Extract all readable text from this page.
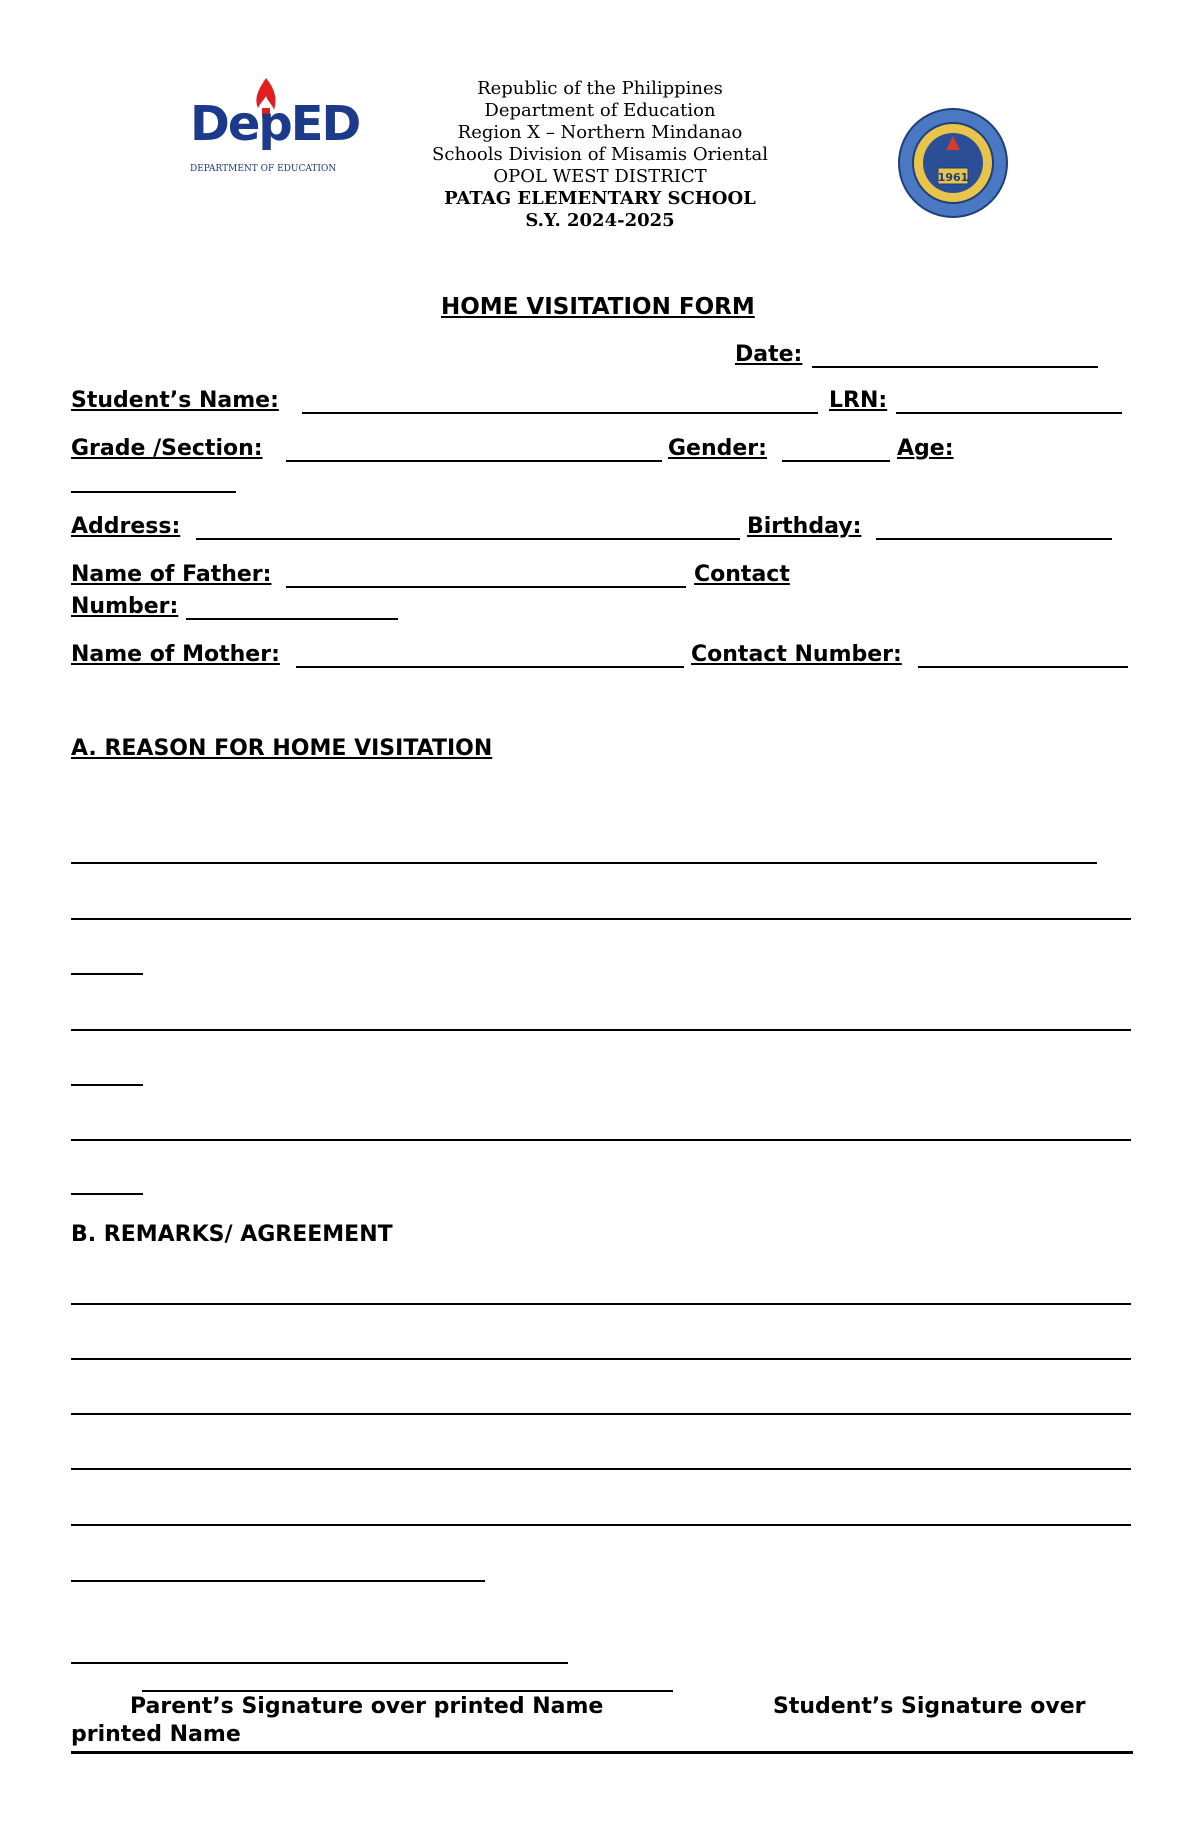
DepED
DEPARTMENT OF EDUCATION
Republic of the Philippines
Department of Education
Region X – Northern Mindanao
Schools Division of Misamis Oriental
OPOL WEST DISTRICT
PATAG ELEMENTARY SCHOOL
S.Y. 2024-2025
1961
HOME VISITATION FORM
Date:
Student’s Name:	LRN:
Grade /Section:	Gender:	Age:
Address:	Birthday:
Name of Father:	Contact
Number:
Name of Mother:	Contact Number:
A. REASON FOR HOME VISITATION
B. REMARKS/ AGREEMENT
Parent’s Signature over printed Name	Student’s Signature over
printed Name
